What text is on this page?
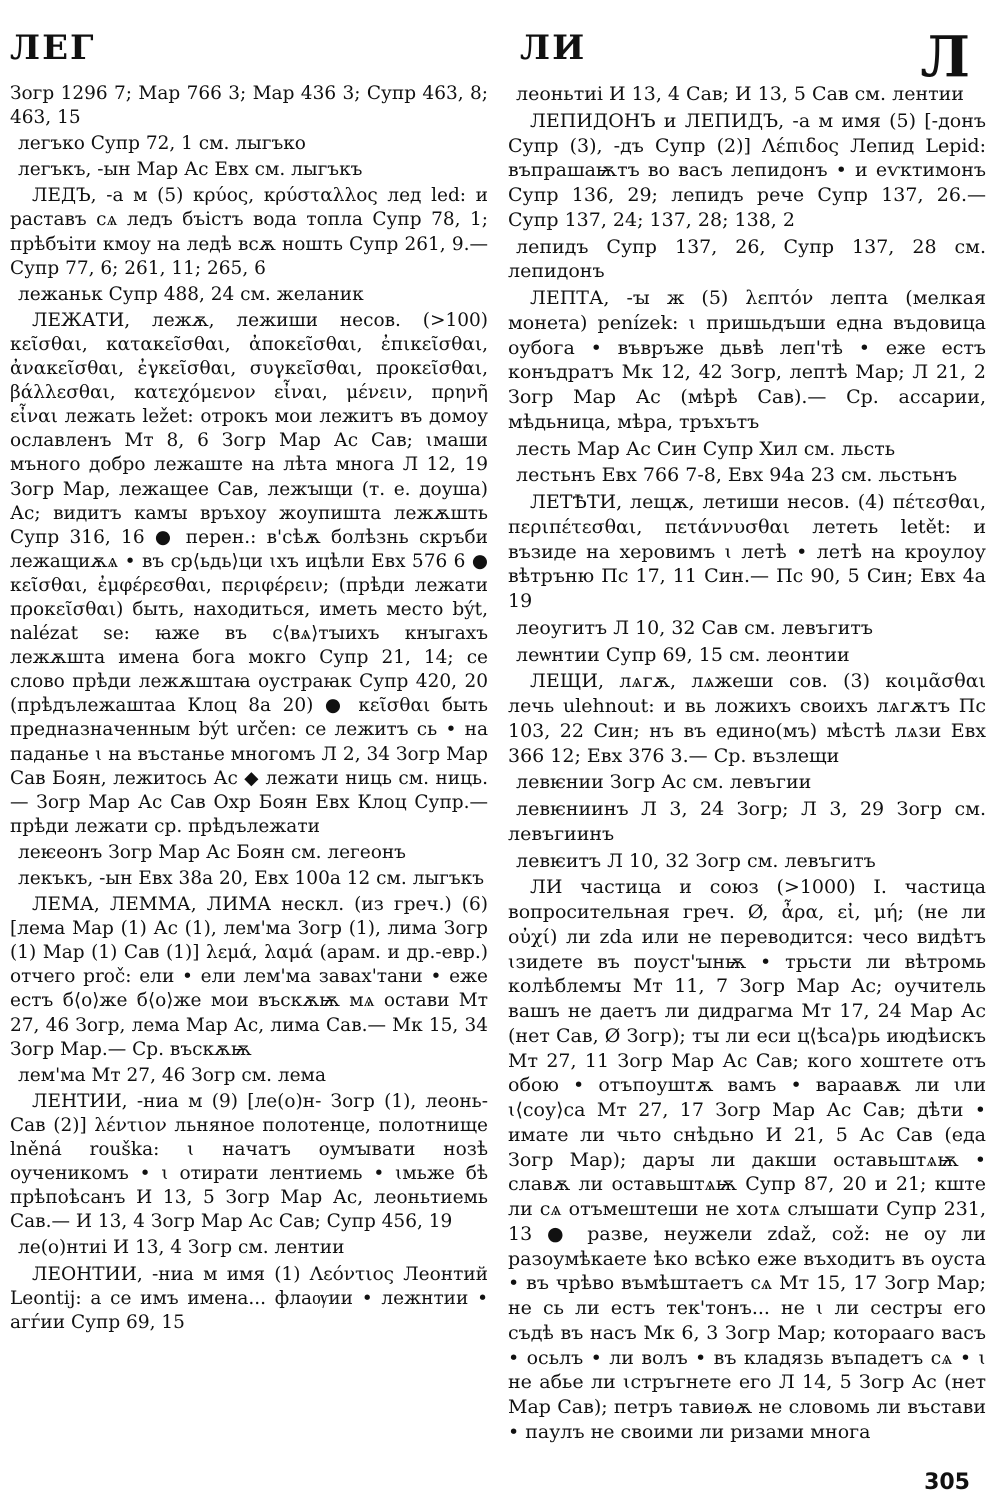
ЛЕГ	ЛИ	Л

Зогр 1296 7; Мар 766 3; Мар 436 3; Супр 463, 8; 463, 15

легъко Супр 72, 1 см. лыгъко

легъкъ, -ын Мар Ас Евх см. лыгъкъ

ЛЕДЪ, -а м (5) κρύος, κρύσταλλος лед led: и раставъ сѧ ледъ бъістъ вода топла Супр 78, 1; прѣбъіти кмоу на ледѣ всѫ ношть Супр 261, 9.— Супр 77, 6; 261, 11; 265, 6

лежаньк Супр 488, 24 см. желаник

ЛЕЖАТИ, лежѫ, лежиши несов. (>100) κεῖσθαι, κατακεῖσθαι, ἀποκεῖσθαι, ἐπικεῖσθαι, ἀνακεῖσθαι, ἐγκεῖσθαι, συγκεῖσθαι, προκεῖσθαι, βάλλεσθαι, κατεχόμενον εἶναι, μένειν, πρηνῆ εἶναι лежать ležet: отрокъ мои лежитъ въ домоу ославленъ Мт 8, 6 Зогр Мар Ас Сав; ꙇмаши мъного добро лежаште на лѣта многа Л 12, 19 Зогр Мар, лежащее Сав, лежꙑщи (т. е. доуша) Ас; видитъ камꙑ връхоу жоупишта лежѫшть Супр 316, 16 ● перен.: в'сѣѫ болѣзнь скръби лежащиѫѧ • въ ср⟨ьдь⟩ци ꙇхъ ицѣли Евх 576 6 ● κεῖσθαι, ἐμφέρεσθαι, περιφέρειν; (прѣди лежати προκεῖσθαι) быть, находиться, иметь место být, nalézat se: ꙗже въ с⟨вѧ⟩тꙑихъ кнꙑгахъ лежѫшта имена бога мокго Супр 21, 14; се слово прѣди лежѫштаꙗ оустраꙗк Супр 420, 20 (прѣдълежаштаа Клоц 8а 20) ● κεῖσθαι быть предназначенным být určen: се лежитъ сь • на паданье ꙇ на въстанье многомъ Л 2, 34 Зогр Мар Сав Боян, лежитось Ас ◆ лежати ниць см. ниць.— Зогр Мар Ас Сав Охр Боян Евх Клоц Супр.— прѣди лежати ср. прѣдълежати

леѥеонъ Зогр Мар Ас Боян см. легеонъ

лекъкъ, -ын Евх 38а 20, Евх 100а 12 см. лыгъкъ

ЛЕМА, ЛЕММА, ЛИМА нескл. (из греч.) (6) [лема Мар (1) Ас (1), лем'ма Зогр (1), лима Зогр (1) Мар (1) Сав (1)] λεμά, λαμά (арам. и др.-евр.) отчего proč: ели • ели лем'ма завах'тани • еже естъ б⟨о⟩же б⟨о⟩же мои въскѫѭ мѧ остави Мт 27, 46 Зогр, лема Мар Ас, лима Сав.— Мк 15, 34 Зогр Мар.— Ср. въскѫѭ

лем'ма Мт 27, 46 Зогр см. лема

ЛЕНТИИ, -ниа м (9) [ле(о)н- Зогр (1), леонь- Сав (2)] λέντιον льняное полотенце, полотнище lněná rouška: ꙇ начатъ оумꙑвати нозѣ оученикомъ • ꙇ отирати лентиемь • ꙇмьже бѣ прѣпоѣсанъ И 13, 5 Зогр Мар Ас, леоньтиемь Сав.— И 13, 4 Зогр Мар Ас Сав; Супр 456, 19

ле(о)нтиі И 13, 4 Зогр см. лентии

ЛЕОНТИИ, -ниа м имя (1) Λεόντιος Леонтий Leontij: а се имъ имена... флаѹии • лежнтии • агѓии Супр 69, 15

леоньтиі И 13, 4 Сав; И 13, 5 Сав см. лентии

ЛЕПИДОНЪ и ЛЕПИДЪ, -а м имя (5) [-донъ Супр (3), -дъ Супр (2)] Λέπιδος Лепид Lepid: въпрашаѭтъ во васъ лепидонъ • и еѵктимонъ Супр 136, 29; лепидъ рече Супр 137, 26.— Супр 137, 24; 137, 28; 138, 2

лепидъ Супр 137, 26, Супр 137, 28 см. лепидонъ

ЛЕПТА, -ꙑ ж (5) λεπτόν лепта (мелкая монета) penízek: ꙇ пришьдъши една въдовица оубога • въвръже дьвѣ леп'тѣ • еже естъ конъдратъ Мк 12, 42 Зогр, лептѣ Мар; Л 21, 2 Зогр Мар Ас (мѣрѣ Сав).— Ср. ассарии, мѣдьница, мѣра, тръхътъ

лесть Мар Ас Син Супр Хил см. льсть

лестьнъ Евх 766 7-8, Евх 94а 23 см. льстьнъ

ЛЕТѢТИ, лещѫ, летиши несов. (4) πέτεσθαι, περιπέτεσθαι, πετάννυσθαι лететь letět: и възиде на херовимъ ꙇ летѣ • летѣ на кроулоу вѣтръню Пс 17, 11 Син.— Пс 90, 5 Син; Евх 4а 19

леоугитъ Л 10, 32 Сав см. левъгитъ

леѡнтии Супр 69, 15 см. леонтии

ЛЕЩИ, лѧгѫ, лѧжеши сов. (3) κοιμᾶσθαι лечь ulehnout: и вь ложихъ своихъ лѧгѫтъ Пс 103, 22 Син; нъ въ едино(мъ) мѣстѣ лѧзи Евх 366 12; Евх 376 3.— Ср. възлещи

левѥнии Зогр Ас см. левъгии

левѥниинъ Л 3, 24 Зогр; Л 3, 29 Зогр см. левъгиинъ

левѥитъ Л 10, 32 Зогр см. левъгитъ

ЛИ частица и союз (>1000) I. частица вопросительная греч. Ø, ἆρα, εἰ, μή; (не ли οὐχί) ли zda или не переводится: чесо видѣтъ ꙇзидете въ поуст'ꙑнѭ • трьсти ли вѣтромь колѣблемꙑ Мт 11, 7 Зогр Мар Ас; оучитель вашъ не даетъ ли дидрагма Мт 17, 24 Мар Ас (нет Сав, Ø Зогр); тꙑ ли еси ц⟨ѣса⟩рь июдѣискъ Мт 27, 11 Зогр Мар Ас Сав; кого хоштете отъ обою • отъпоуштѫ вамъ • вараавѫ ли ꙇли ꙇ⟨соу⟩са Мт 27, 17 Зогр Мар Ас Сав; дѣти • имате ли чьто снѣдьно И 21, 5 Ас Сав (еда Зогр Мар); дарꙑ ли дакши оставьштѧѭ • славѫ ли оставьштѧѭ Супр 87, 20 и 21; кште ли сѧ отъмештеши не хотѧ слꙑшати Супр 231, 13 ● разве, неужели zdaž, což: не оу ли разоумѣкаете ѣко всѣко еже въходитъ въ оуста • въ чрѣво въмѣштаетъ сѧ Мт 15, 17 Зогр Мар; не сь ли естъ тек'тонъ... не ꙇ ли сестрꙑ его съдѣ въ насъ Мк 6, 3 Зогр Мар; которааго васъ • осьлъ • ли волъ • въ кладязь въпадетъ сѧ • ꙇ не абье ли ꙇстръгнете его Л 14, 5 Зогр Ас (нет Мар Сав); петръ тавиѳѫ не словомь ли въстави • паулъ не своими ли ризами многа

305
